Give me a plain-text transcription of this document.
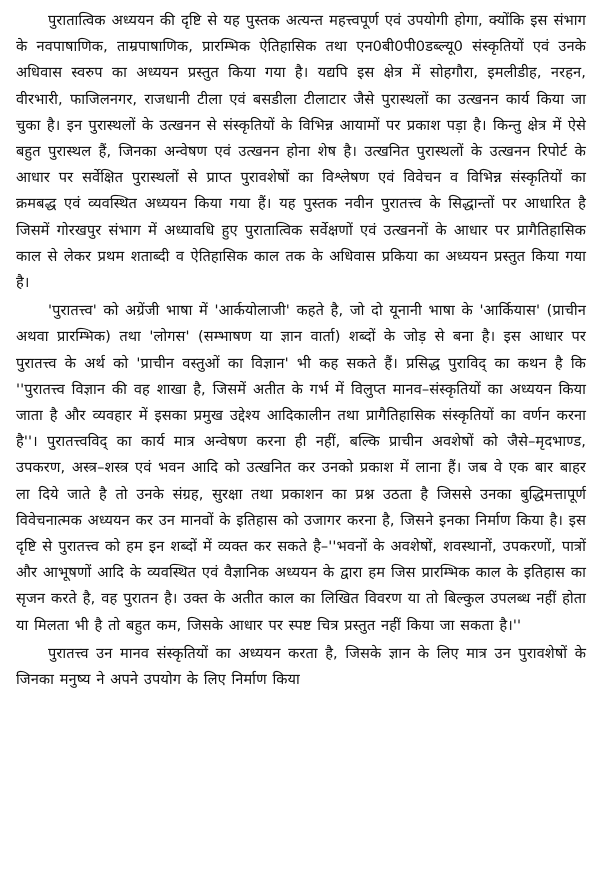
पुरातात्विक अध्ययन की दृष्टि से यह पुस्तक अत्यन्त महत्त्वपूर्ण एवं उपयोगी होगा, क्योंकि इस संभाग के नवपाषाणिक, ताम्रपाषाणिक, प्रारम्भिक ऐतिहासिक तथा एन0बी0पी0डब्ल्यू0 संस्कृतियों एवं उनके अधिवास स्वरुप का अध्ययन प्रस्तुत किया गया है। यद्यपि इस क्षेत्र में सोहगौरा, इमलीडीह, नरहन, वीरभारी, फाजिलनगर, राजधानी टीला एवं बसडीला टीलाटार जैसे पुरास्थलों का उत्खनन कार्य किया जा चुका है। इन पुरास्थलों के उत्खनन से संस्कृतियों के विभिन्न आयामों पर प्रकाश पड़ा है। किन्तु क्षेत्र में ऐसे बहुत पुरास्थल हैं, जिनका अन्वेषण एवं उत्खनन होना शेष है। उत्खनित पुरास्थलों के उत्खनन रिपोर्ट के आधार पर सर्वेक्षित पुरास्थलों से प्राप्त पुरावशेषों का विश्लेषण एवं विवेचन व विभिन्न संस्कृतियों का क्रमबद्ध एवं व्यवस्थित अध्ययन किया गया हैं। यह पुस्तक नवीन पुरातत्त्व के सिद्धान्तों पर आधारित है जिसमें गोरखपुर संभाग में अध्यावधि हुए पुरातात्विक सर्वेक्षणों एवं उत्खननों के आधार पर प्रागैतिहासिक काल से लेकर प्रथम शताब्दी व ऐतिहासिक काल तक के अधिवास प्रकिया का अध्ययन प्रस्तुत किया गया है।

'पुरातत्त्व' को अग्रेंजी भाषा में 'आर्कयोलाजी' कहते है, जो दो यूनानी भाषा के 'आर्कियास' (प्राचीन अथवा प्रारम्भिक) तथा 'लोगस' (सम्भाषण या ज्ञान वार्ता) शब्दों के जोड़ से बना है। इस आधार पर पुरातत्त्व के अर्थ को 'प्राचीन वस्तुओं का विज्ञान' भी कह सकते हैं। प्रसिद्ध पुराविद् का कथन है कि ''पुरातत्त्व विज्ञान की वह शाखा है, जिसमें अतीत के गर्भ में विलुप्त मानव–संस्कृतियों का अध्ययन किया जाता है और व्यवहार में इसका प्रमुख उद्देश्य आदिकालीन तथा प्रागैतिहासिक संस्कृतियों का वर्णन करना है''। पुरातत्त्वविद् का कार्य मात्र अन्वेषण करना ही नहीं, बल्कि प्राचीन अवशेषों को जैसे–मृदभाण्ड, उपकरण, अस्त्र–शस्त्र एवं भवन आदि को उत्खनित कर उनको प्रकाश में लाना हैं। जब वे एक बार बाहर ला दिये जाते है तो उनके संग्रह, सुरक्षा तथा प्रकाशन का प्रश्न उठता है जिससे उनका बुद्धिमत्तापूर्ण विवेचनात्मक अध्ययन कर उन मानवों के इतिहास को उजागर करना है, जिसने इनका निर्माण किया है। इस दृष्टि से पुरातत्त्व को हम इन शब्दों में व्यक्त कर सकते है–''भवनों के अवशेषों, शवस्थानों, उपकरणों, पात्रों और आभूषणों आदि के व्यवस्थित एवं वैज्ञानिक अध्ययन के द्वारा हम जिस प्रारम्भिक काल के इतिहास का सृजन करते है, वह पुरातन है। उक्त के अतीत काल का लिखित विवरण या तो बिल्कुल उपलब्ध नहीं होता या मिलता भी है तो बहुत कम, जिसके आधार पर स्पष्ट चित्र प्रस्तुत नहीं किया जा सकता है।''

पुरातत्त्व उन मानव संस्कृतियों का अध्ययन करता है, जिसके ज्ञान के लिए मात्र उन पुरावशेषों के जिनका मनुष्य ने अपने उपयोग के लिए निर्माण किया
